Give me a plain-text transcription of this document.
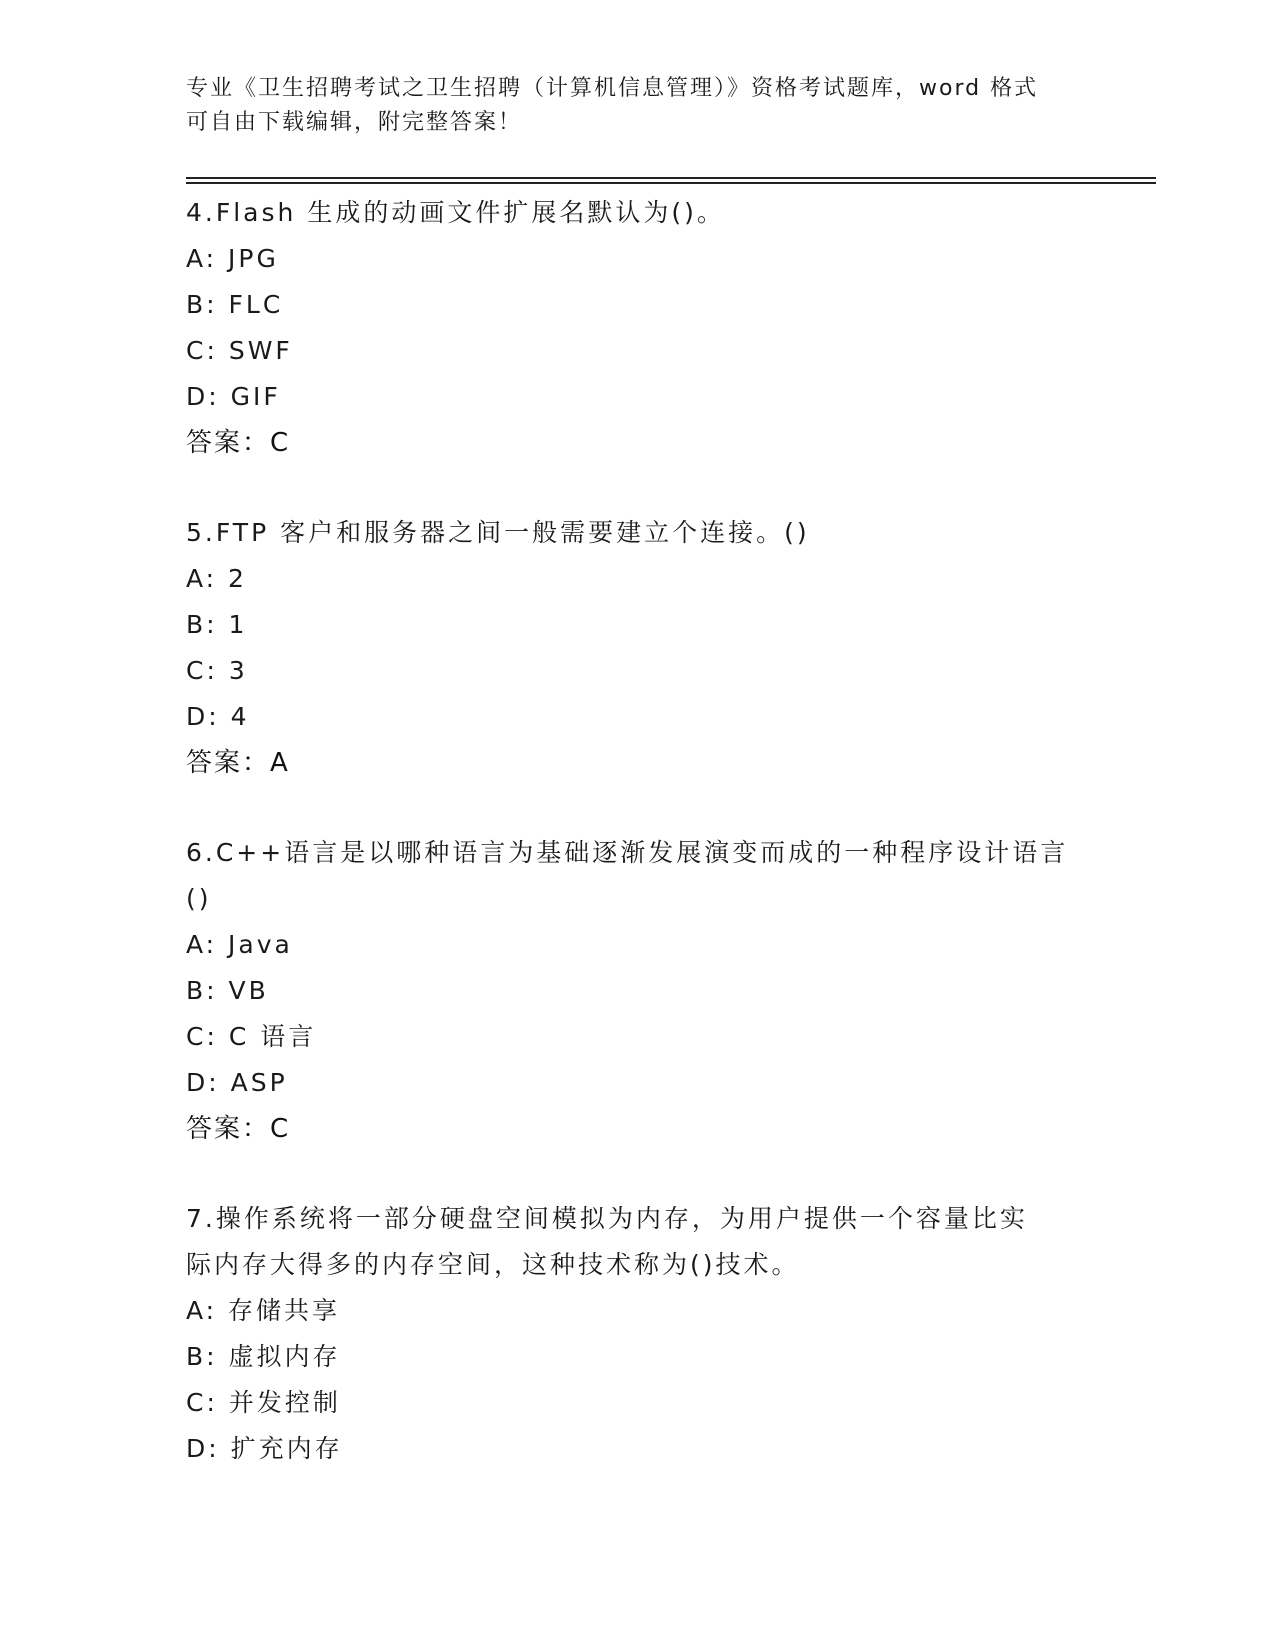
专业《卫生招聘考试之卫生招聘（计算机信息管理）》资格考试题库，word 格式
可自由下载编辑，附完整答案！
4.Flash 生成的动画文件扩展名默认为()。
A: JPG
B: FLC
C: SWF
D: GIF
答案：C
5.FTP 客户和服务器之间一般需要建立个连接。()
A: 2
B: 1
C: 3
D: 4
答案：A
6.C++语言是以哪种语言为基础逐渐发展演变而成的一种程序设计语言
()
A: Java
B: VB
C: C 语言
D: ASP
答案：C
7.操作系统将一部分硬盘空间模拟为内存，为用户提供一个容量比实
际内存大得多的内存空间，这种技术称为()技术。
A: 存储共享
B: 虚拟内存
C: 并发控制
D: 扩充内存
